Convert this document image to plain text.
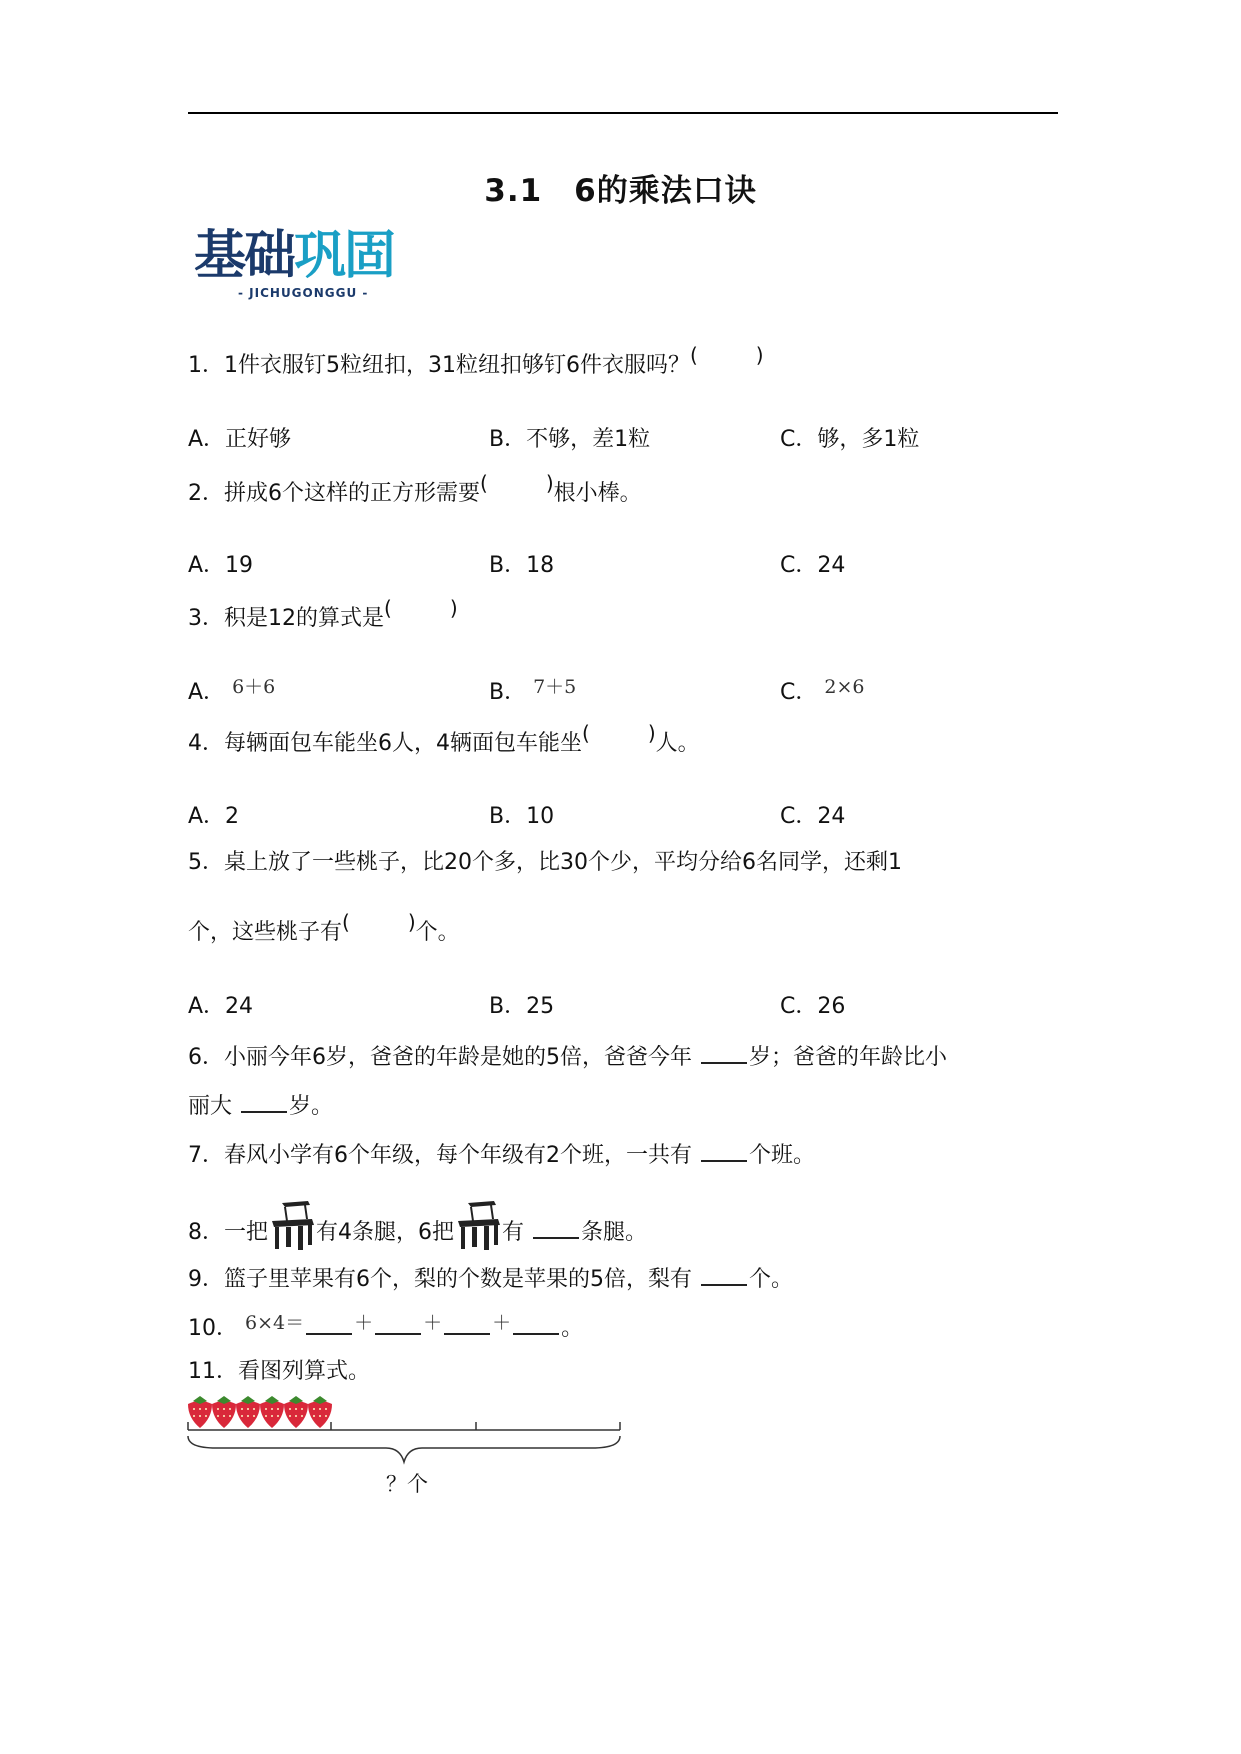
3.1　6的乘法口诀
基础巩固
- JICHUGONGGU -
1．1件衣服钉5粒纽扣，31粒纽扣够钉6件衣服吗？(	)
A．正好够	B．不够，差1粒	C．够，多1粒
2．拼成6个这样的正方形需要(	)根小棒。
A．19	B．18	C．24
3．积是12的算式是(	)
A． 6＋6	B． 7＋5	C． 2×6
4．每辆面包车能坐6人，4辆面包车能坐(	)人。
A．2	B．10	C．24
5．桌上放了一些桃子，比20个多，比30个少，平均分给6名同学，还剩1
个，这些桃子有(	)个。
A．24	B．25	C．26
6．小丽今年6岁，爸爸的年龄是她的5倍，爸爸今年	岁；爸爸的年龄比小
丽大	岁。
7．春风小学有6个年级，每个年级有2个班，一共有	个班。
8．一把 有4条腿，6把 有	条腿。
9．篮子里苹果有6个，梨的个数是苹果的5倍，梨有	个。
10． 6×4＝	＋	＋	＋ 。
11．看图列算式。
？个
